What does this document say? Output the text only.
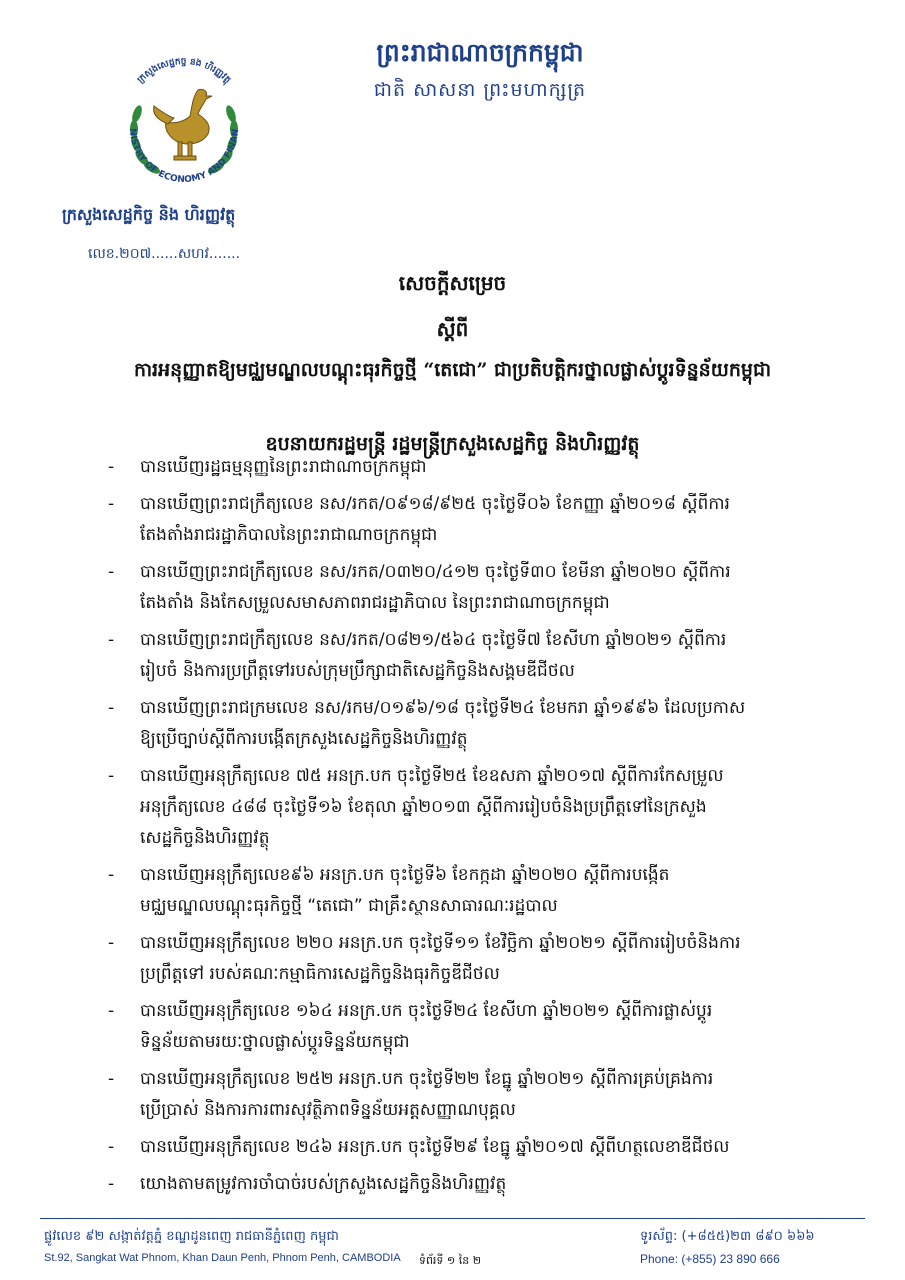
ព្រះរាជាណាចក្រកម្ពុជា
ជាតិ សាសនា ព្រះមហាក្សត្រ
NISTRY OF ECONOMY AND FINAN
ក្រសួងសេដ្ឋកិច្ច និង ហិរញ្ញវត្ថុ
ក្រសួងសេដ្ឋកិច្ច និង ហិរញ្ញវត្ថុ
លេខ.២០៧......សហវ.......
សេចក្តីសម្រេច
ស្តីពី
ការអនុញ្ញាតឱ្យមជ្ឈមណ្ឌលបណ្តុះធុរកិច្ចថ្មី “តេជោ” ជាប្រតិបត្តិករថ្នាលផ្លាស់ប្តូរទិន្នន័យកម្ពុជា
ឧបនាយករដ្ឋមន្ត្រី រដ្ឋមន្ត្រីក្រសួងសេដ្ឋកិច្ច និងហិរញ្ញវត្ថុ
- បានឃើញរដ្ឋធម្មនុញ្ញនៃព្រះរាជាណាចក្រកម្ពុជា
- បានឃើញព្រះរាជក្រឹត្យលេខ នស/រកត/០៩១៨/៩២៥ ចុះថ្ងៃទី០៦ ខែកញ្ញា ឆ្នាំ២០១៨ ស្តីពីការ
តែងតាំងរាជរដ្ឋាភិបាលនៃព្រះរាជាណាចក្រកម្ពុជា
- បានឃើញព្រះរាជក្រឹត្យលេខ នស/រកត/០៣២០/៤១២ ចុះថ្ងៃទី៣០ ខែមីនា ឆ្នាំ២០២០ ស្តីពីការ
តែងតាំង និងកែសម្រួលសមាសភាពរាជរដ្ឋាភិបាល នៃព្រះរាជាណាចក្រកម្ពុជា
- បានឃើញព្រះរាជក្រឹត្យលេខ នស/រកត/០៨២១/៥៦៤ ចុះថ្ងៃទី៧ ខែសីហា ឆ្នាំ២០២១ ស្តីពីការ
រៀបចំ និងការប្រព្រឹត្តទៅរបស់ក្រុមប្រឹក្សាជាតិសេដ្ឋកិច្ចនិងសង្គមឌីជីថល
- បានឃើញព្រះរាជក្រមលេខ នស/រកម/០១៩៦/១៨ ចុះថ្ងៃទី២៤ ខែមករា ឆ្នាំ១៩៩៦ ដែលប្រកាស
ឱ្យប្រើច្បាប់ស្តីពីការបង្កើតក្រសួងសេដ្ឋកិច្ចនិងហិរញ្ញវត្ថុ
- បានឃើញអនុក្រឹត្យលេខ ៧៥ អនក្រ.បក ចុះថ្ងៃទី២៥ ខែឧសភា ឆ្នាំ២០១៧ ស្តីពីការកែសម្រួល
អនុក្រឹត្យលេខ ៤៨៨ ចុះថ្ងៃទី១៦ ខែតុលា ឆ្នាំ២០១៣ ស្តីពីការរៀបចំនិងប្រព្រឹត្តទៅនៃក្រសួង
សេដ្ឋកិច្ចនិងហិរញ្ញវត្ថុ
- បានឃើញអនុក្រឹត្យលេខ៩៦ អនក្រ.បក ចុះថ្ងៃទី៦ ខែកក្កដា ឆ្នាំ២០២០ ស្តីពីការបង្កើត
មជ្ឈមណ្ឌលបណ្តុះធុរកិច្ចថ្មី “តេជោ” ជាគ្រឹះស្ថានសាធារណៈរដ្ឋបាល
- បានឃើញអនុក្រឹត្យលេខ ២២០ អនក្រ.បក ចុះថ្ងៃទី១១ ខែវិច្ឆិកា ឆ្នាំ២០២១ ស្តីពីការរៀបចំនិងការ
ប្រព្រឹត្តទៅ របស់គណៈកម្មាធិការសេដ្ឋកិច្ចនិងធុរកិច្ចឌីជីថល
- បានឃើញអនុក្រឹត្យលេខ ១៦៤ អនក្រ.បក ចុះថ្ងៃទី២៤ ខែសីហា ឆ្នាំ២០២១ ស្តីពីការផ្លាស់ប្តូរ
ទិន្នន័យតាមរយៈថ្នាលផ្លាស់ប្តូរទិន្នន័យកម្ពុជា
- បានឃើញអនុក្រឹត្យលេខ ២៥២ អនក្រ.បក ចុះថ្ងៃទី២២ ខែធ្នូ ឆ្នាំ២០២១ ស្តីពីការគ្រប់គ្រងការ
ប្រើប្រាស់ និងការការពារសុវត្ថិភាពទិន្នន័យអត្តសញ្ញាណបុគ្គល
- បានឃើញអនុក្រឹត្យលេខ ២៤៦ អនក្រ.បក ចុះថ្ងៃទី២៩ ខែធ្នូ ឆ្នាំ២០១៧ ស្តីពីហត្ថលេខាឌីជីថល
- យោងតាមតម្រូវការចាំបាច់របស់ក្រសួងសេដ្ឋកិច្ចនិងហិរញ្ញវត្ថុ
ផ្លូវលេខ ៩២ សង្កាត់វត្តភ្នំ ខណ្ឌដូនពេញ រាជធានីភ្នំពេញ កម្ពុជា
St.92, Sangkat Wat Phnom, Khan Daun Penh, Phnom Penh, CAMBODIA	ទំព័រទី ១ នៃ ២
ទូរស័ព្ទ: (+៨៥៥)២៣ ៨៩០ ៦៦៦
Phone: (+855) 23 890 666
